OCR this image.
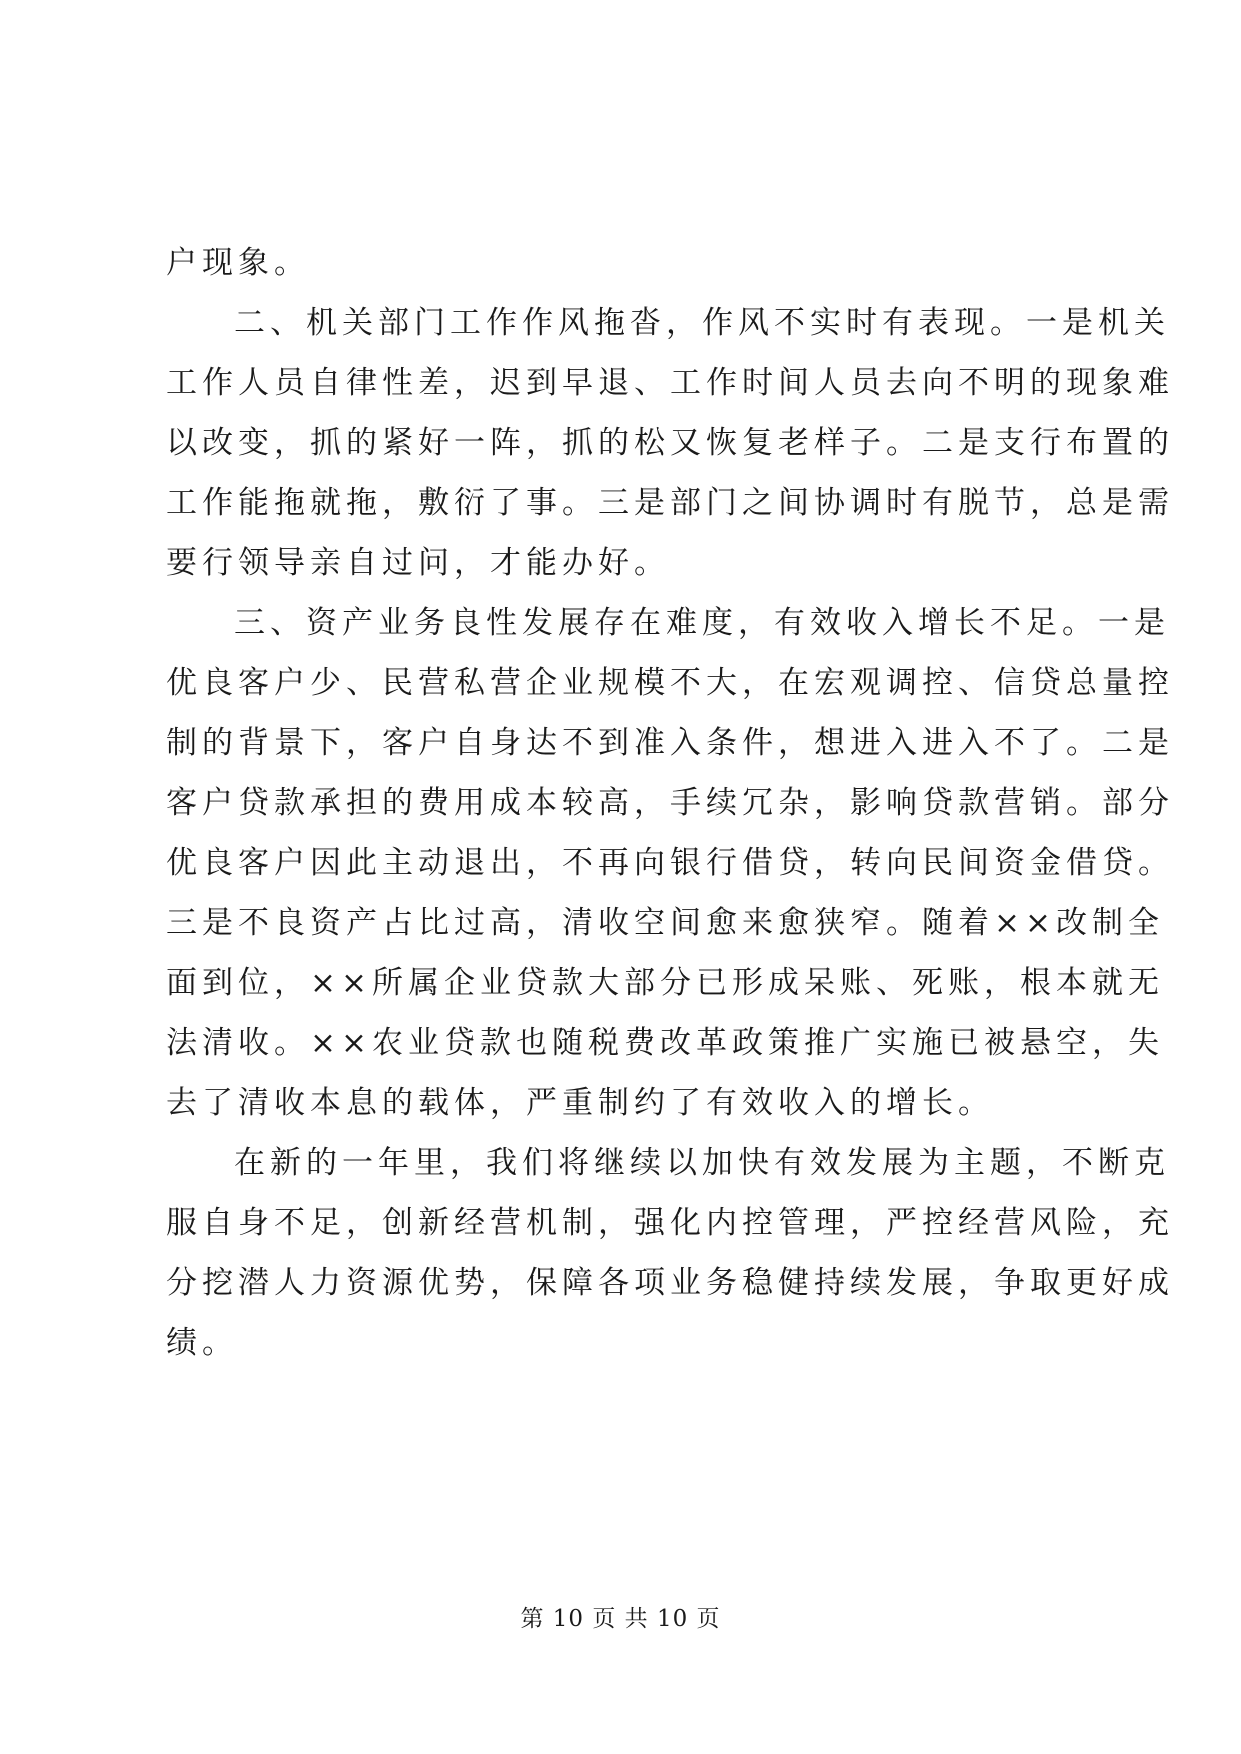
户现象。
二、机关部门工作作风拖沓，作风不实时有表现。一是机关
工作人员自律性差，迟到早退、工作时间人员去向不明的现象难
以改变，抓的紧好一阵，抓的松又恢复老样子。二是支行布置的
工作能拖就拖，敷衍了事。三是部门之间协调时有脱节，总是需
要行领导亲自过问，才能办好。
三、资产业务良性发展存在难度，有效收入增长不足。一是
优良客户少、民营私营企业规模不大，在宏观调控、信贷总量控
制的背景下，客户自身达不到准入条件，想进入进入不了。二是
客户贷款承担的费用成本较高，手续冗杂，影响贷款营销。部分
优良客户因此主动退出，不再向银行借贷，转向民间资金借贷。
三是不良资产占比过高，清收空间愈来愈狭窄。随着××改制全
面到位，××所属企业贷款大部分已形成呆账、死账，根本就无
法清收。××农业贷款也随税费改革政策推广实施已被悬空，失
去了清收本息的载体，严重制约了有效收入的增长。
在新的一年里，我们将继续以加快有效发展为主题，不断克
服自身不足，创新经营机制，强化内控管理，严控经营风险，充
分挖潜人力资源优势，保障各项业务稳健持续发展，争取更好成
绩。
第 10 页 共 10 页
